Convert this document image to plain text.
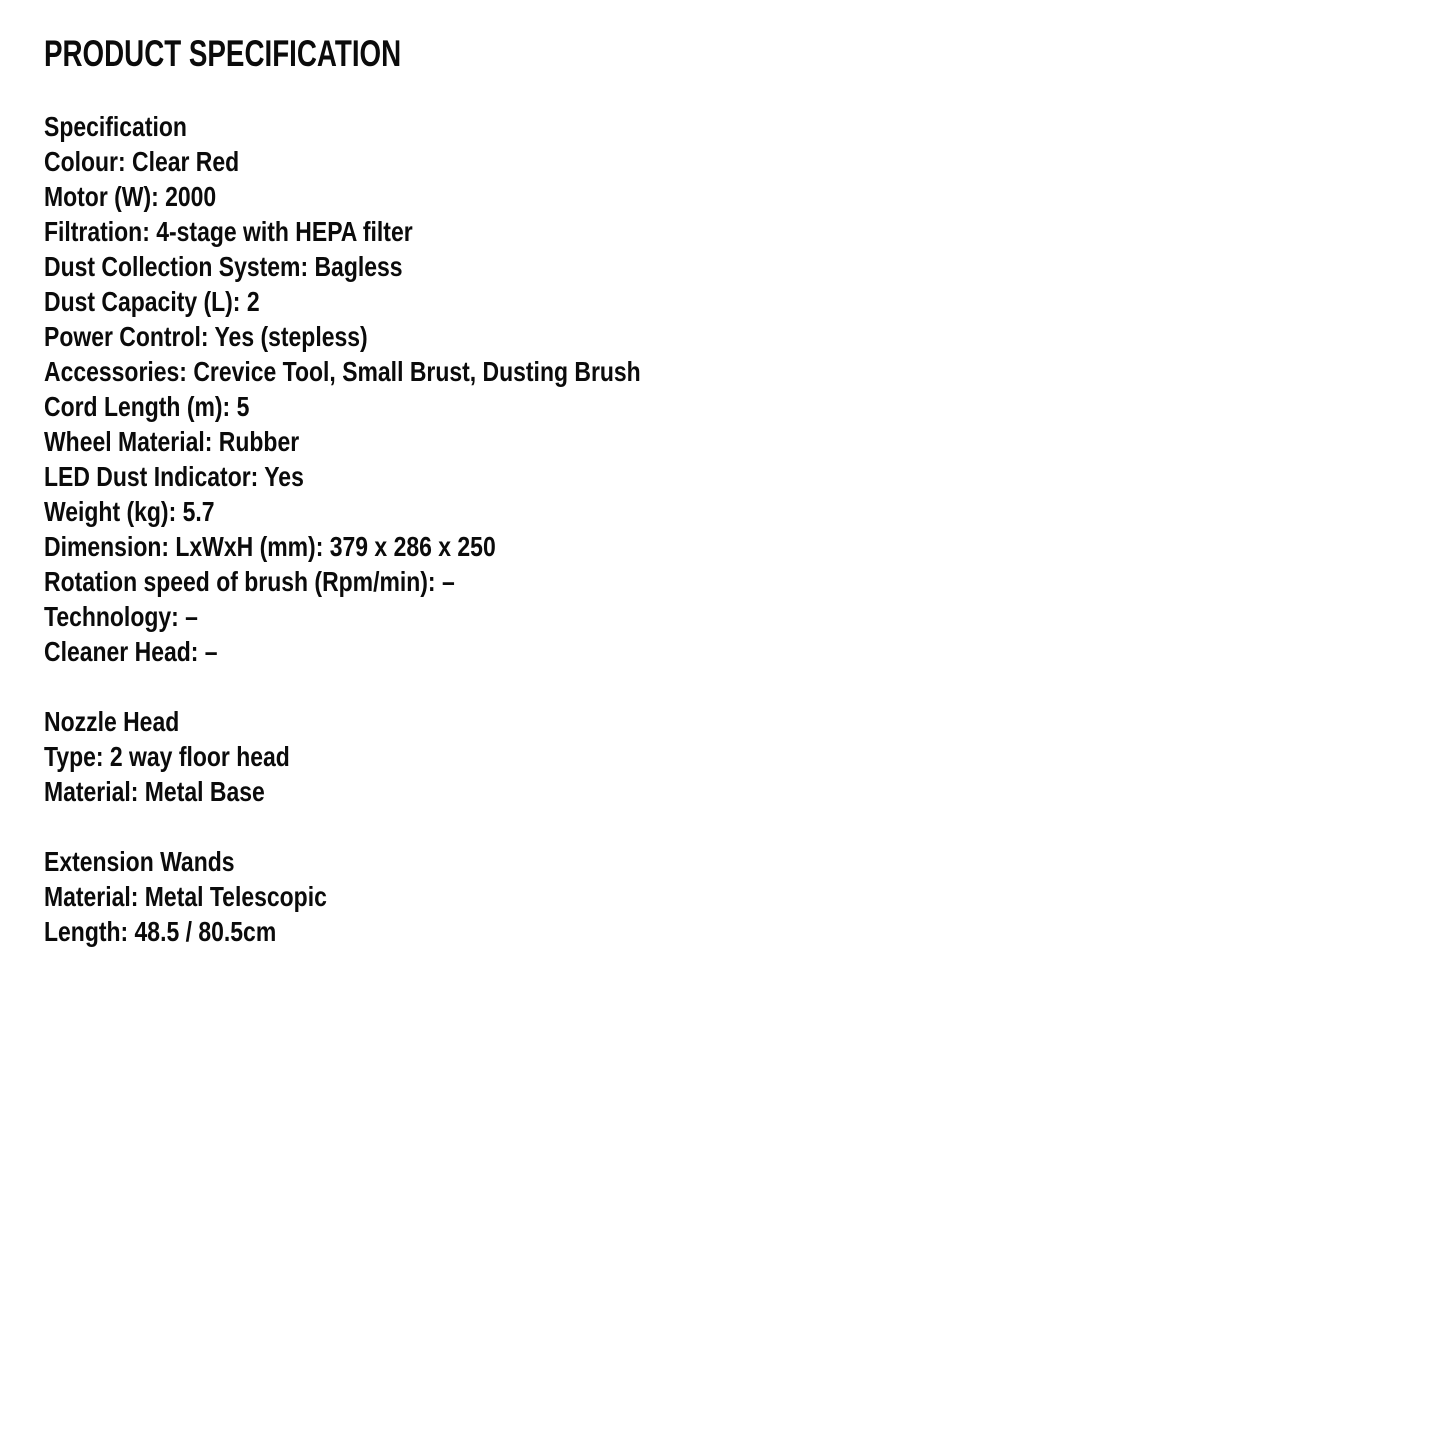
PRODUCT SPECIFICATION
Specification
Colour: Clear Red
Motor (W): 2000
Filtration: 4-stage with HEPA filter
Dust Collection System: Bagless
Dust Capacity (L): 2
Power Control: Yes (stepless)
Accessories: Crevice Tool, Small Brust, Dusting Brush
Cord Length (m): 5
Wheel Material: Rubber
LED Dust Indicator: Yes
Weight (kg): 5.7
Dimension: LxWxH (mm): 379 x 286 x 250
Rotation speed of brush (Rpm/min): –
Technology: –
Cleaner Head: –
Nozzle Head
Type: 2 way floor head
Material: Metal Base
Extension Wands
Material: Metal Telescopic
Length: 48.5 / 80.5cm
